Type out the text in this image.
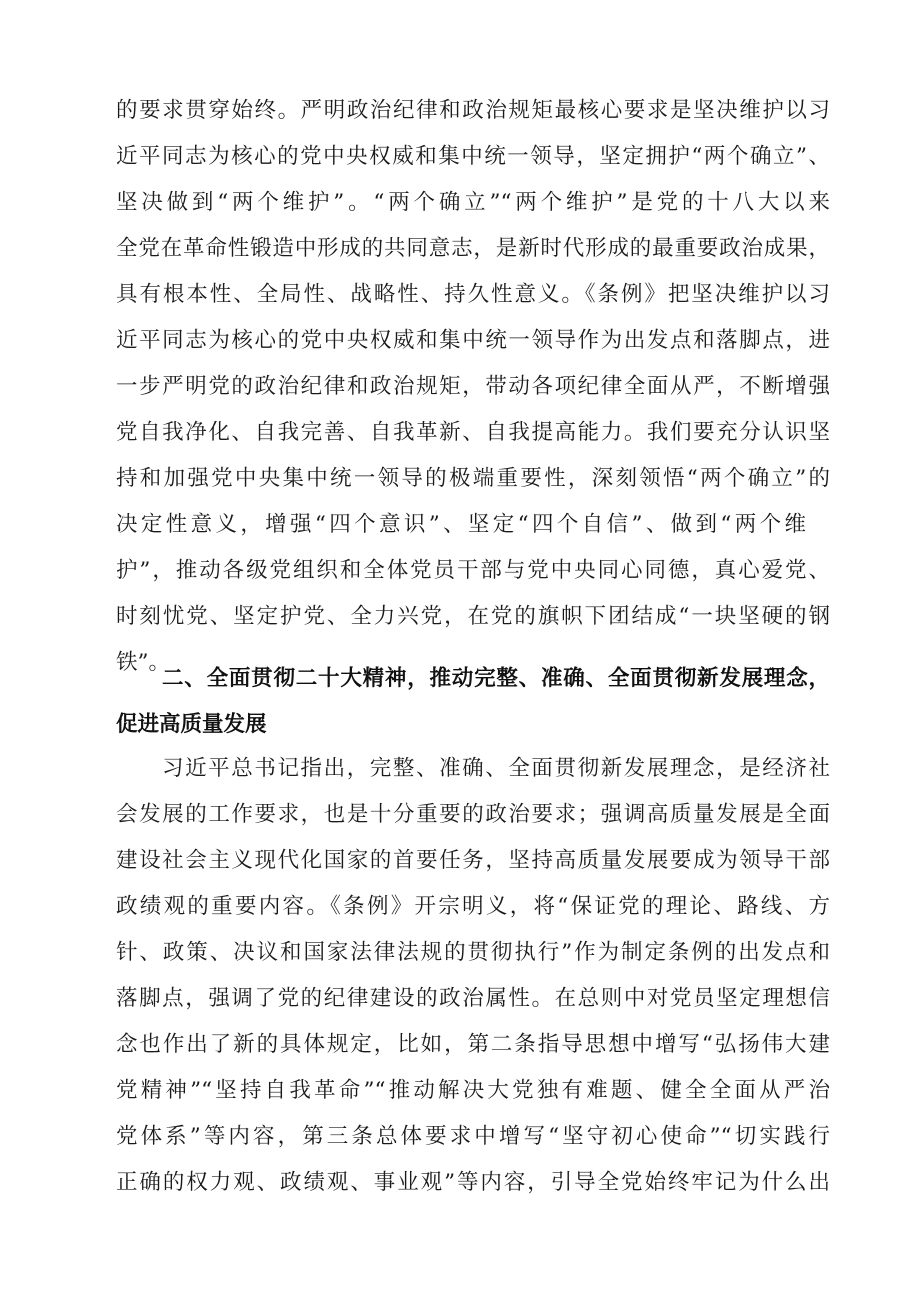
的要求贯穿始终。严明政治纪律和政治规矩最核心要求是坚决维护以习
近平同志为核心的党中央权威和集中统一领导，坚定拥护“两个确立”、
坚决做到“两个维护”。“两个确立”“两个维护”是党的十八大以来
全党在革命性锻造中形成的共同意志，是新时代形成的最重要政治成果，
具有根本性、全局性、战略性、持久性意义。《条例》把坚决维护以习
近平同志为核心的党中央权威和集中统一领导作为出发点和落脚点，进
一步严明党的政治纪律和政治规矩，带动各项纪律全面从严，不断增强
党自我净化、自我完善、自我革新、自我提高能力。我们要充分认识坚
持和加强党中央集中统一领导的极端重要性，深刻领悟“两个确立”的
决定性意义，增强“四个意识”、坚定“四个自信”、做到“两个维
护”，推动各级党组织和全体党员干部与党中央同心同德，真心爱党、
时刻忧党、坚定护党、全力兴党，在党的旗帜下团结成“一块坚硬的钢
铁”。
二、全面贯彻二十大精神，推动完整、准确、全面贯彻新发展理念，
促进高质量发展
习近平总书记指出，完整、准确、全面贯彻新发展理念，是经济社
会发展的工作要求，也是十分重要的政治要求；强调高质量发展是全面
建设社会主义现代化国家的首要任务，坚持高质量发展要成为领导干部
政绩观的重要内容。《条例》开宗明义，将“保证党的理论、路线、方
针、政策、决议和国家法律法规的贯彻执行”作为制定条例的出发点和
落脚点，强调了党的纪律建设的政治属性。在总则中对党员坚定理想信
念也作出了新的具体规定，比如，第二条指导思想中增写“弘扬伟大建
党精神”“坚持自我革命”“推动解决大党独有难题、健全全面从严治
党体系”等内容，第三条总体要求中增写“坚守初心使命”“切实践行
正确的权力观、政绩观、事业观”等内容，引导全党始终牢记为什么出
